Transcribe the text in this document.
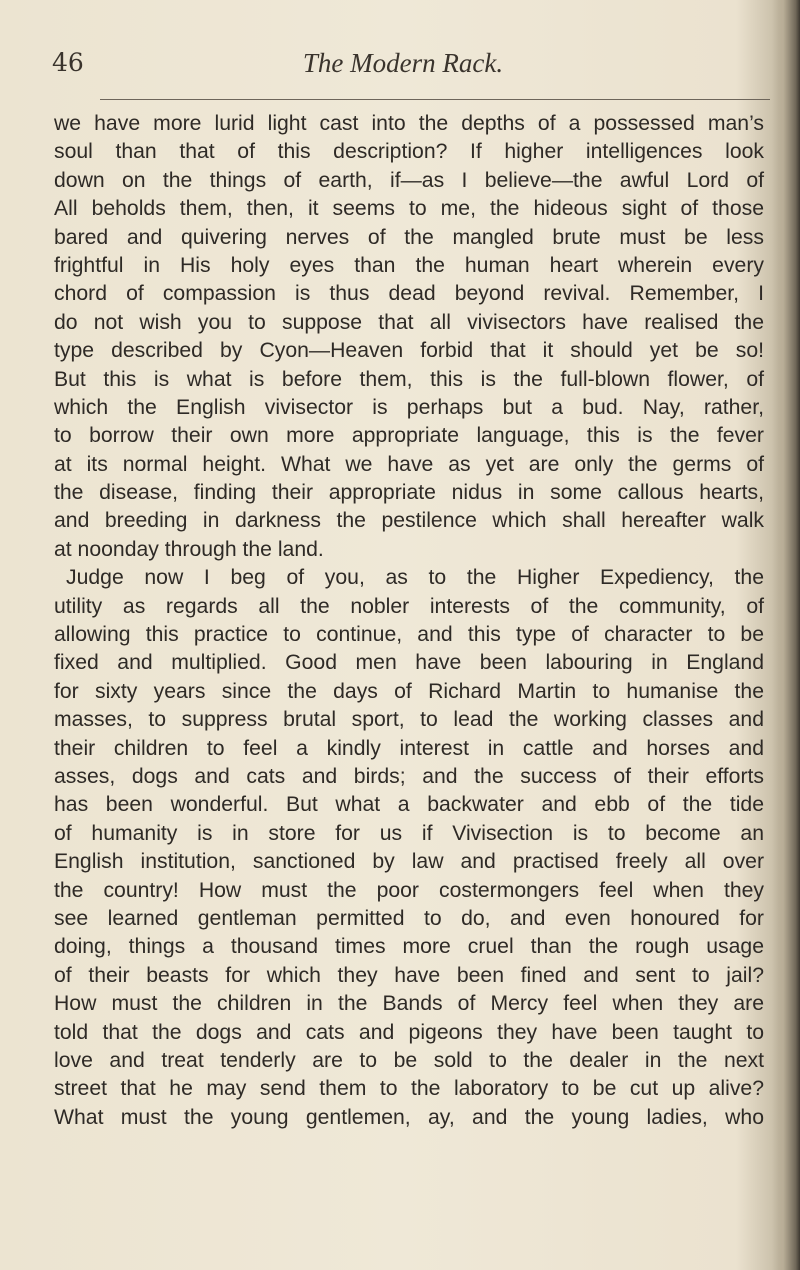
46	The Modern Rack.
we have more lurid light cast into the depths of a possessed man’s
soul than that of this description? If higher intelligences look
down on the things of earth, if—as I believe—the awful Lord of
All beholds them, then, it seems to me, the hideous sight of those
bared and quivering nerves of the mangled brute must be less
frightful in His holy eyes than the human heart wherein every
chord of compassion is thus dead beyond revival. Remember, I
do not wish you to suppose that all vivisectors have realised the
type described by Cyon—Heaven forbid that it should yet be so!
But this is what is before them, this is the full-blown flower, of
which the English vivisector is perhaps but a bud. Nay, rather,
to borrow their own more appropriate language, this is the fever
at its normal height. What we have as yet are only the germs of
the disease, finding their appropriate nidus in some callous hearts,
and breeding in darkness the pestilence which shall hereafter walk
at noonday through the land.
Judge now I beg of you, as to the Higher Expediency, the
utility as regards all the nobler interests of the community, of
allowing this practice to continue, and this type of character to be
fixed and multiplied. Good men have been labouring in England
for sixty years since the days of Richard Martin to humanise the
masses, to suppress brutal sport, to lead the working classes and
their children to feel a kindly interest in cattle and horses and
asses, dogs and cats and birds; and the success of their efforts
has been wonderful. But what a backwater and ebb of the tide
of humanity is in store for us if Vivisection is to become an
English institution, sanctioned by law and practised freely all over
the country! How must the poor costermongers feel when they
see learned gentleman permitted to do, and even honoured for
doing, things a thousand times more cruel than the rough usage
of their beasts for which they have been fined and sent to jail?
How must the children in the Bands of Mercy feel when they are
told that the dogs and cats and pigeons they have been taught to
love and treat tenderly are to be sold to the dealer in the next
street that he may send them to the laboratory to be cut up alive?
What must the young gentlemen, ay, and the young ladies, who
